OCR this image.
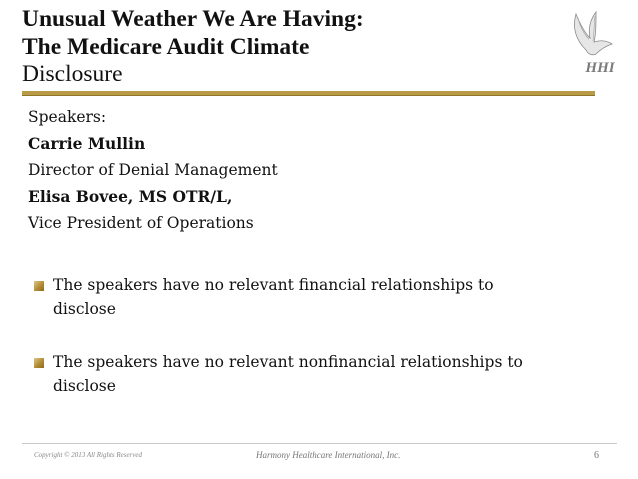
Unusual Weather We Are Having:
The Medicare Audit Climate
Disclosure	HHI
Speakers:
Carrie Mullin
Director of Denial Management
Elisa Bovee, MS OTR/L,
Vice President of Operations
The speakers have no relevant financial relationships to
disclose
The speakers have no relevant nonfinancial relationships to
disclose
Copyright © 2013 All Rights Reserved	Harmony Healthcare International, Inc.	6
